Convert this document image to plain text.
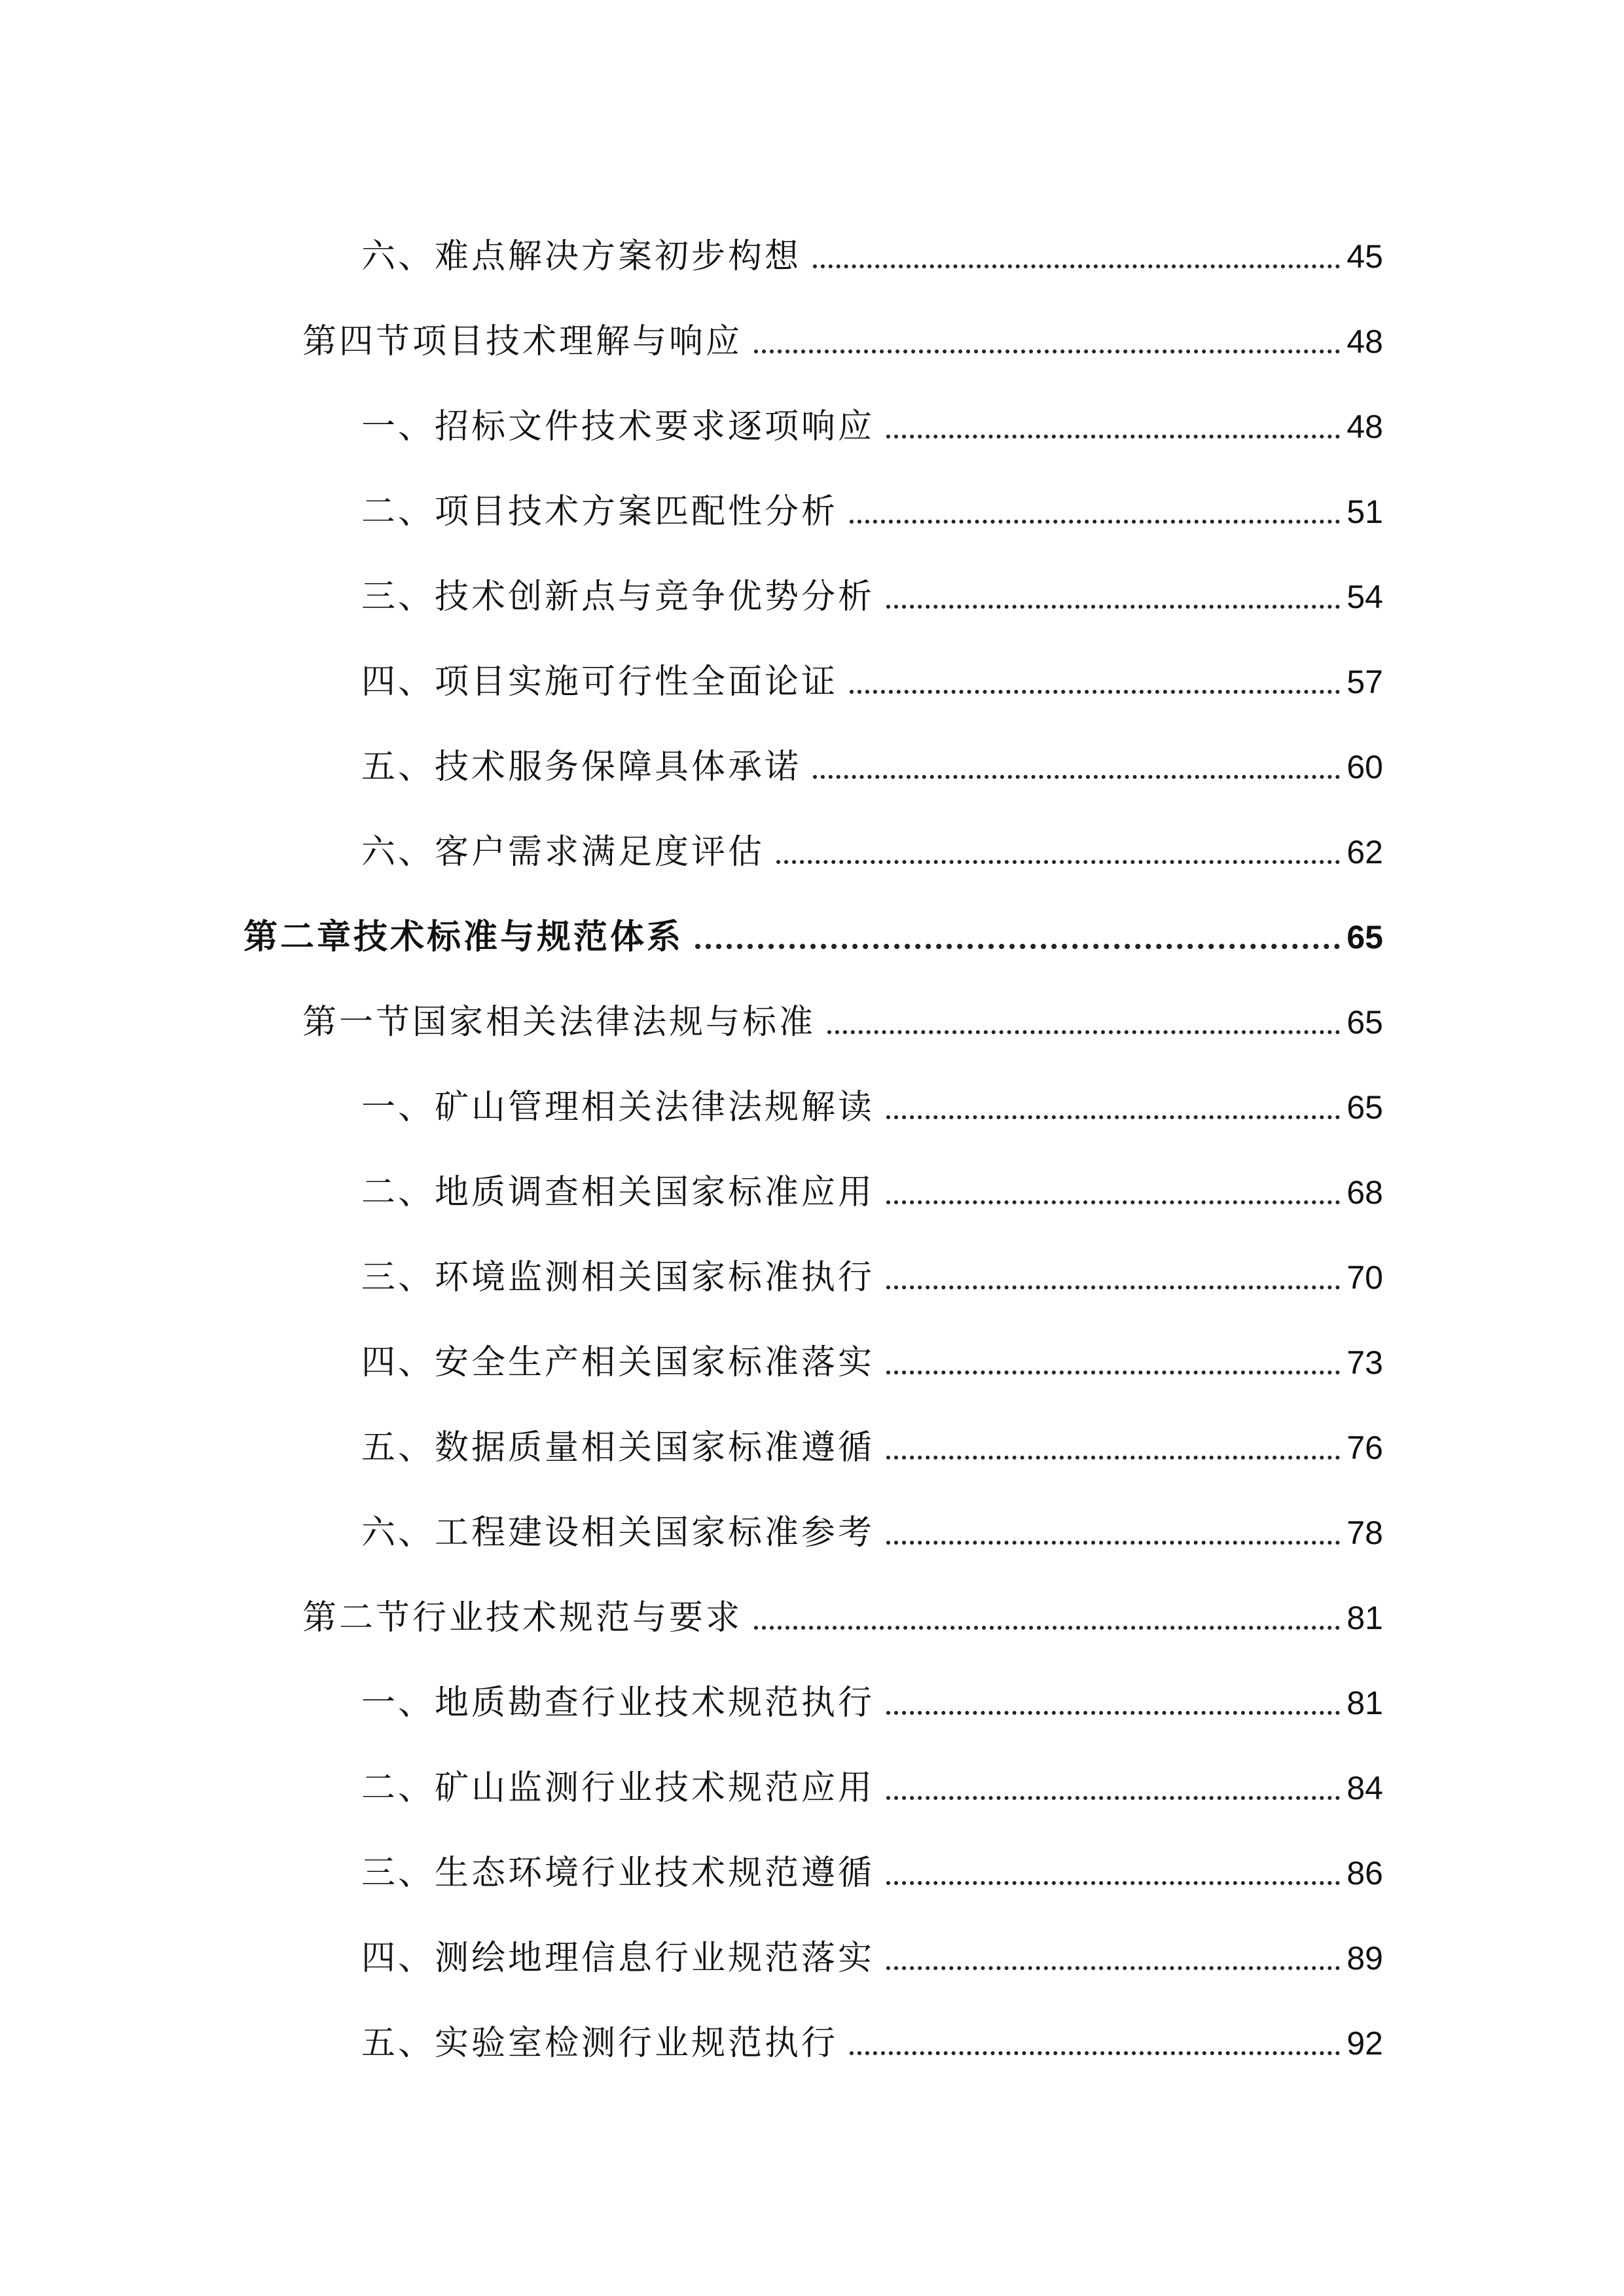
六、难点解决方案初步构想	45
第四节项目技术理解与响应	48
一、招标文件技术要求逐项响应	48
二、项目技术方案匹配性分析	51
三、技术创新点与竞争优势分析	54
四、项目实施可行性全面论证	57
五、技术服务保障具体承诺	60
六、客户需求满足度评估	62
第二章技术标准与规范体系	65
第一节国家相关法律法规与标准	65
一、矿山管理相关法律法规解读	65
二、地质调查相关国家标准应用	68
三、环境监测相关国家标准执行	70
四、安全生产相关国家标准落实	73
五、数据质量相关国家标准遵循	76
六、工程建设相关国家标准参考	78
第二节行业技术规范与要求	81
一、地质勘查行业技术规范执行	81
二、矿山监测行业技术规范应用	84
三、生态环境行业技术规范遵循	86
四、测绘地理信息行业规范落实	89
五、实验室检测行业规范执行	92
